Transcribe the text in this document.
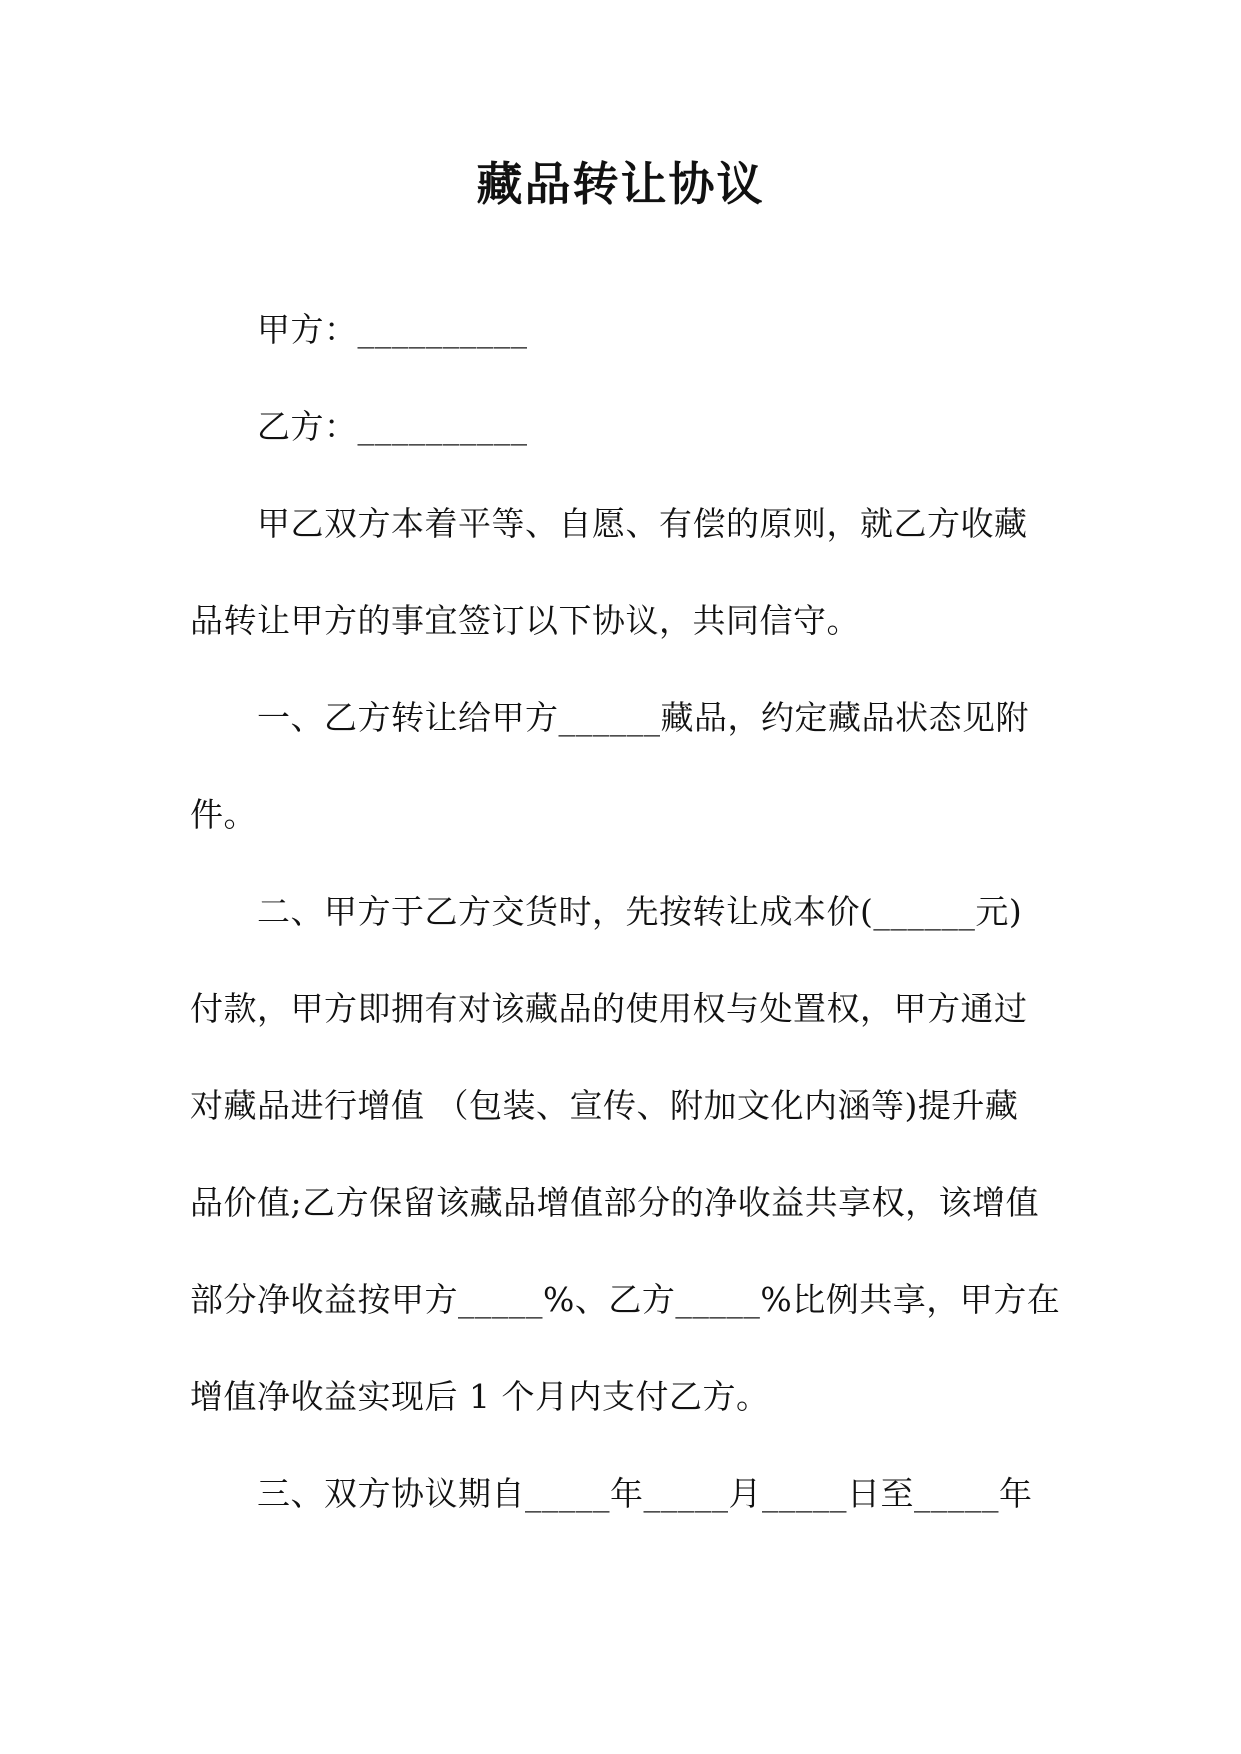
藏品转让协议
甲方：__________
乙方：__________
甲乙双方本着平等、自愿、有偿的原则，就乙方收藏
品转让甲方的事宜签订以下协议，共同信守。
一、乙方转让给甲方______藏品，约定藏品状态见附
件。
二、甲方于乙方交货时，先按转让成本价(______元)
付款，甲方即拥有对该藏品的使用权与处置权，甲方通过
对藏品进行增值 （包装、宣传、附加文化内涵等)提升藏
品价值;乙方保留该藏品增值部分的净收益共享权，该增值
部分净收益按甲方_____%、乙方_____%比例共享，甲方在
增值净收益实现后 1 个月内支付乙方。
三、双方协议期自_____年_____月_____日至_____年
